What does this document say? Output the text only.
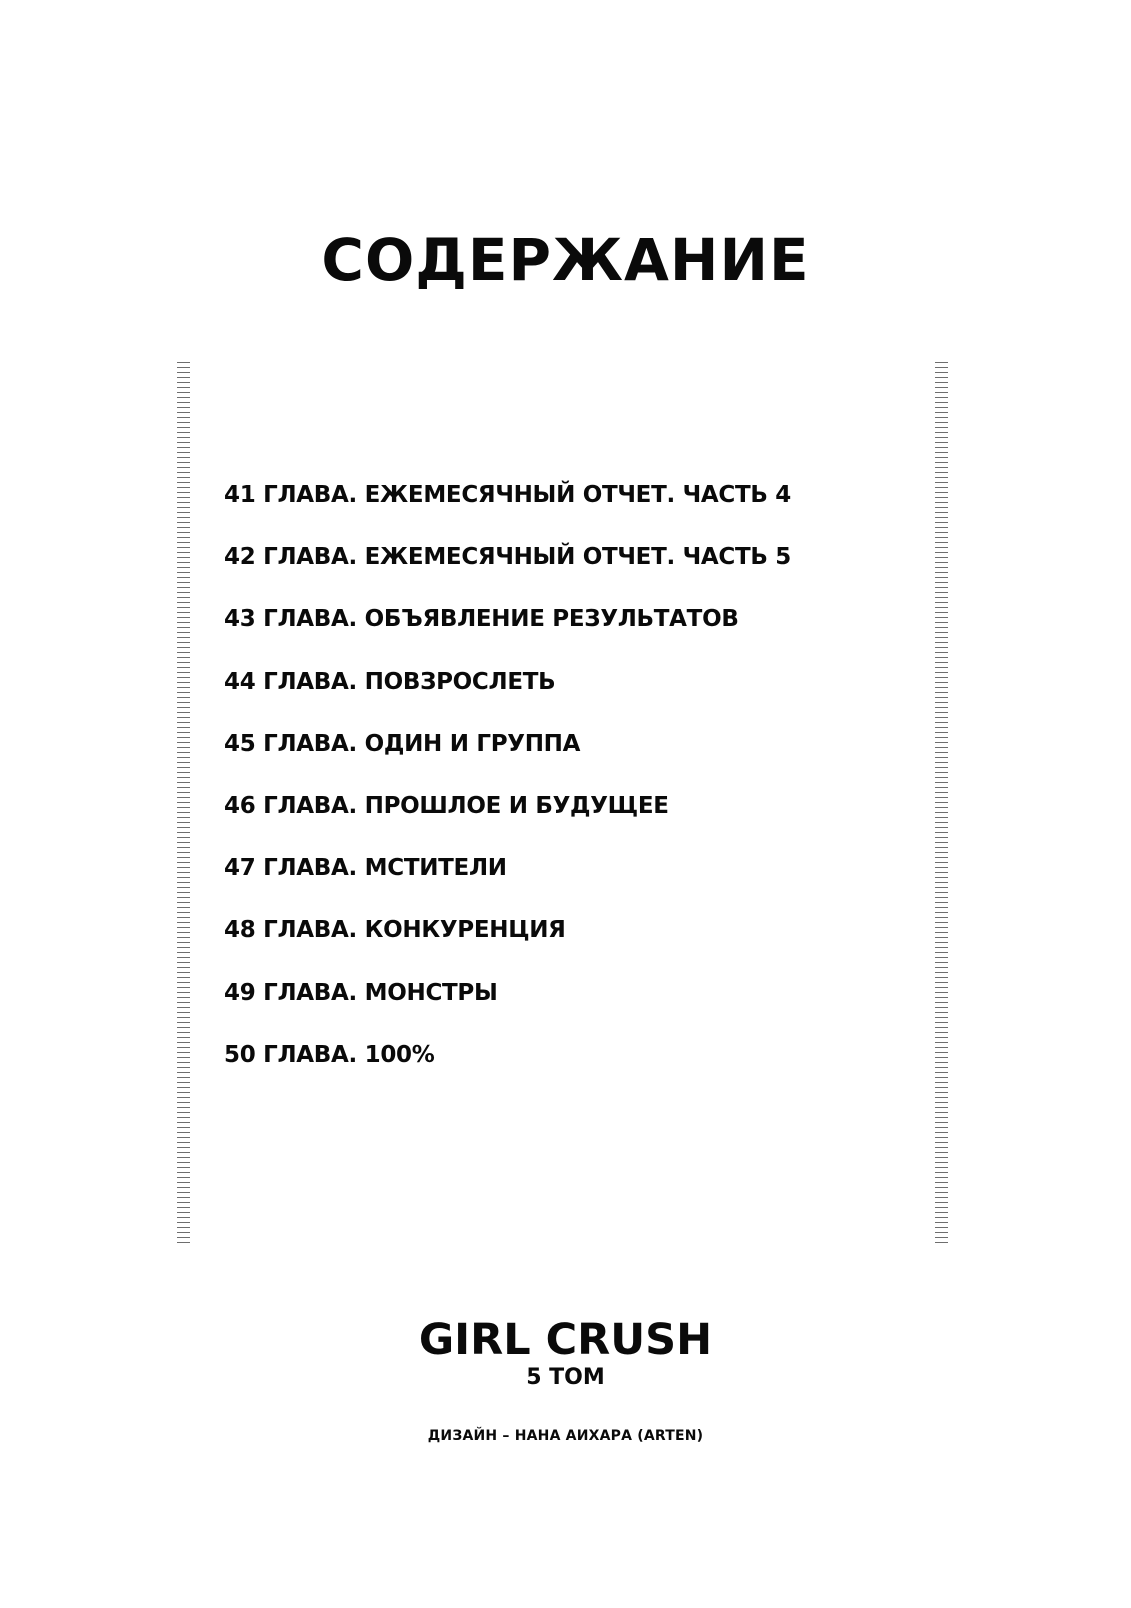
СОДЕРЖАНИЕ
41 ГЛАВА. ЕЖЕМЕСЯЧНЫЙ ОТЧЕТ. ЧАСТЬ 4
42 ГЛАВА. ЕЖЕМЕСЯЧНЫЙ ОТЧЕТ. ЧАСТЬ 5
43 ГЛАВА. ОБЪЯВЛЕНИЕ РЕЗУЛЬТАТОВ
44 ГЛАВА. ПОВЗРОСЛЕТЬ
45 ГЛАВА. ОДИН И ГРУППА
46 ГЛАВА. ПРОШЛОЕ И БУДУЩЕЕ
47 ГЛАВА. МСТИТЕЛИ
48 ГЛАВА. КОНКУРЕНЦИЯ
49 ГЛАВА. МОНСТРЫ
50 ГЛАВА. 100%
GIRL CRUSH
5 ТОМ
ДИЗАЙН – НАНА АИХАРА (ARTEN)
